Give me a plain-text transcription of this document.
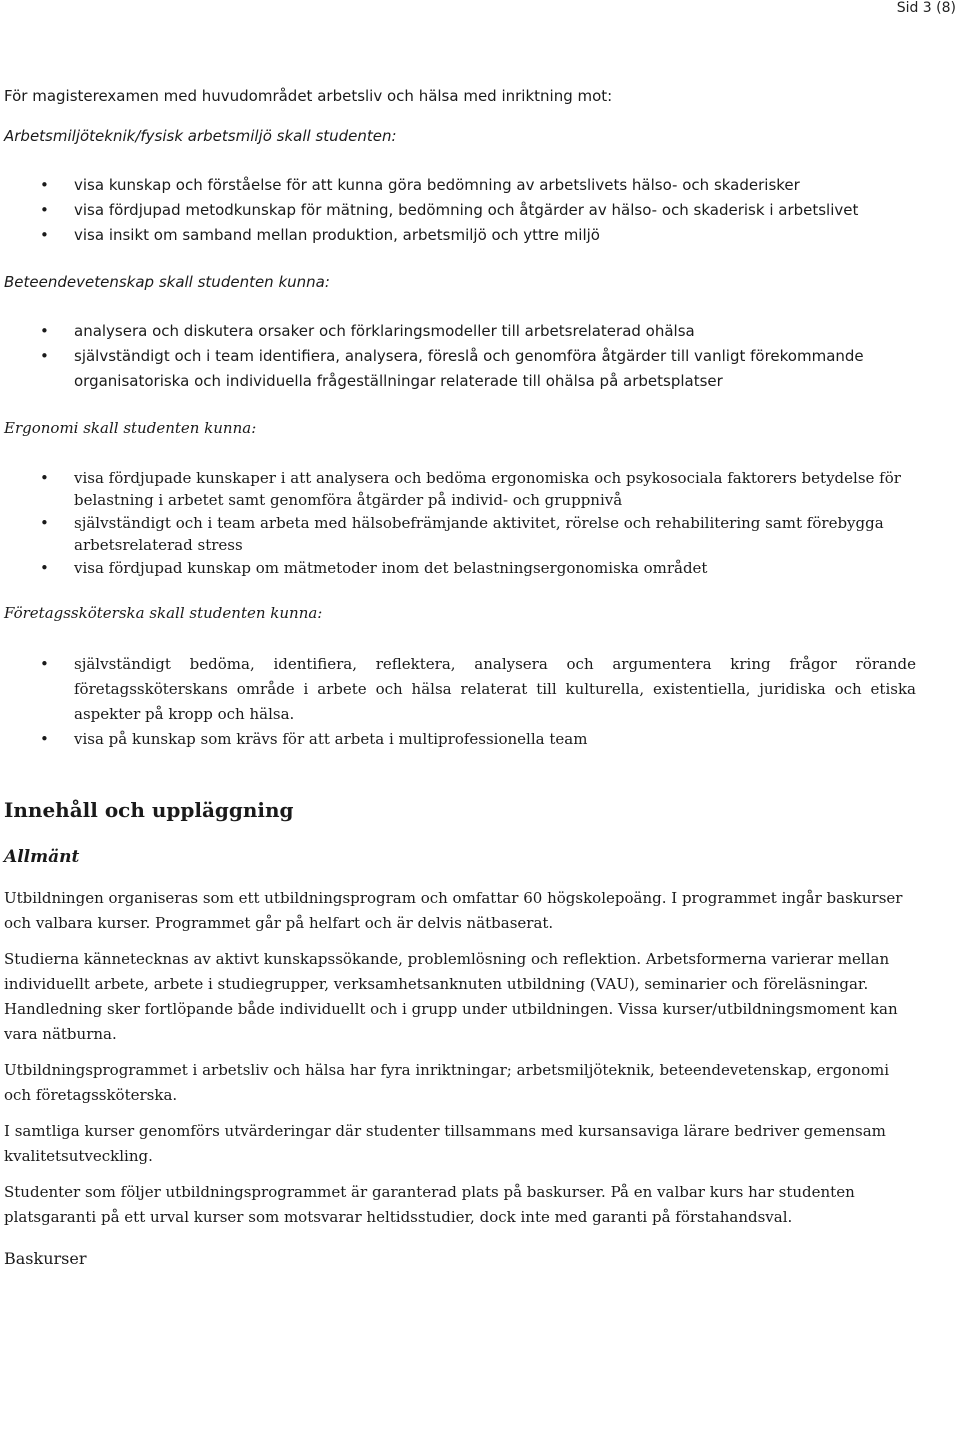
Sid 3 (8)

För magisterexamen med huvudområdet arbetsliv och hälsa med inriktning mot:

Arbetsmiljöteknik/fysisk arbetsmiljö skall studenten:
• visa kunskap och förståelse för att kunna göra bedömning av arbetslivets hälso- och skaderisker
• visa fördjupad metodkunskap för mätning, bedömning och åtgärder av hälso- och skaderisk i arbetslivet
• visa insikt om samband mellan produktion, arbetsmiljö och yttre miljö
Beteendevetenskap skall studenten kunna:
• analysera och diskutera orsaker och förklaringsmodeller till arbetsrelaterad ohälsa
• självständigt och i team identifiera, analysera, föreslå och genomföra åtgärder till vanligt förekommande organisatoriska och individuella frågeställningar relaterade till ohälsa på arbetsplatser
Ergonomi skall studenten kunna:
• visa fördjupade kunskaper i att analysera och bedöma ergonomiska och psykosociala faktorers betydelse för belastning i arbetet samt genomföra åtgärder på individ- och gruppnivå
• självständigt och i team arbeta med hälsobefrämjande aktivitet, rörelse och rehabilitering samt förebygga arbetsrelaterad stress
• visa fördjupad kunskap om mätmetoder inom det belastningsergonomiska området
Företagssköterska skall studenten kunna:
• självständigt bedöma, identifiera, reflektera, analysera och argumentera kring frågor rörande företagssköterskans område i arbete och hälsa relaterat till kulturella, existentiella, juridiska och etiska aspekter på kropp och hälsa.
• visa på kunskap som krävs för att arbeta i multiprofessionella team
Innehåll och uppläggning
Allmänt

Utbildningen organiseras som ett utbildningsprogram och omfattar 60 högskolepoäng. I programmet ingår baskurser och valbara kurser. Programmet går på helfart och är delvis nätbaserat.

Studierna kännetecknas av aktivt kunskapssökande, problemlösning och reflektion. Arbetsformerna varierar mellan individuellt arbete, arbete i studiegrupper, verksamhetsanknuten utbildning (VAU), seminarier och föreläsningar. Handledning sker fortlöpande både individuellt och i grupp under utbildningen. Vissa kurser/utbildningsmoment kan vara nätburna.

Utbildningsprogrammet i arbetsliv och hälsa har fyra inriktningar; arbetsmiljöteknik, beteendevetenskap, ergonomi och företagssköterska.

I samtliga kurser genomförs utvärderingar där studenter tillsammans med kursansaviga lärare bedriver gemensam kvalitetsutveckling.

Studenter som följer utbildningsprogrammet är garanterad plats på baskurser. På en valbar kurs har studenten platsgaranti på ett urval kurser som motsvarar heltidsstudier, dock inte med garanti på förstahandsval.

Baskurser
